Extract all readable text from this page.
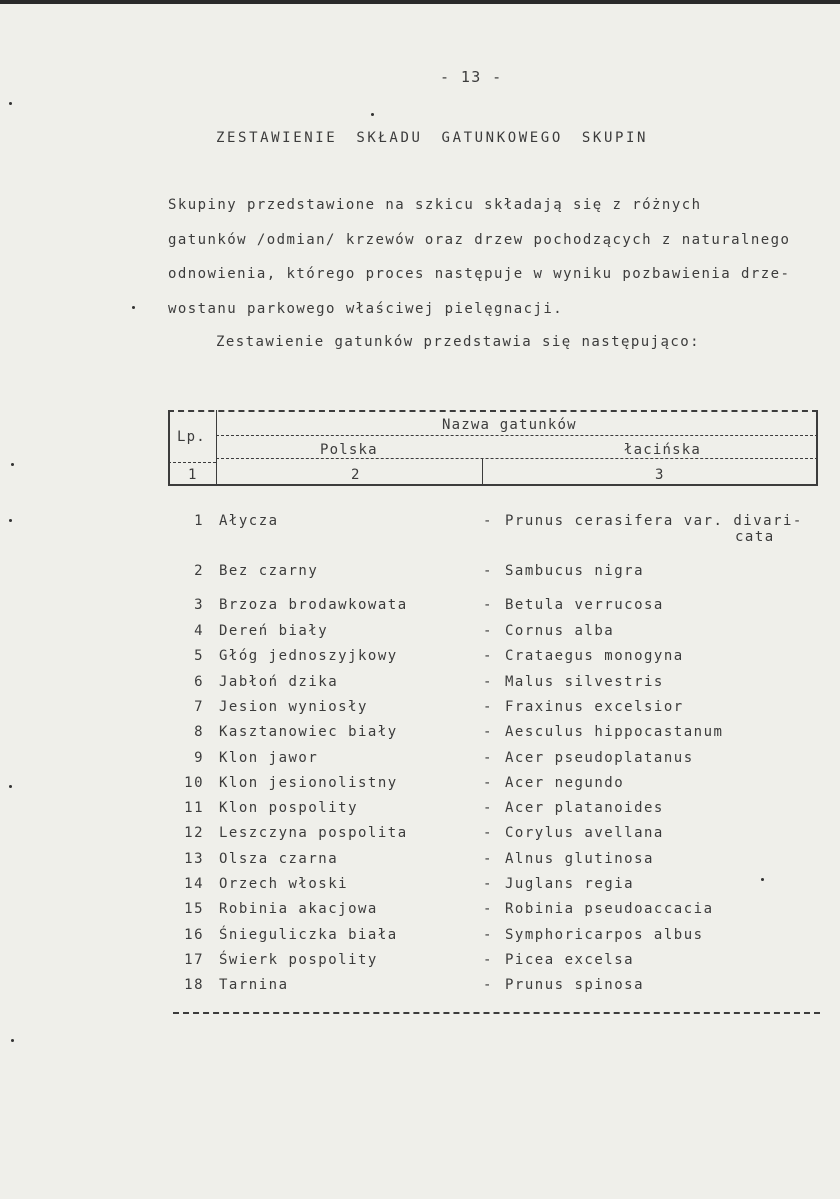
- 13 -
ZESTAWIENIE SKŁADU GATUNKOWEGO SKUPIN
Skupiny przedstawione na szkicu składają się z różnych
gatunków /odmian/ krzewów oraz drzew pochodzących z naturalnego
odnowienia, którego proces następuje w wyniku pozbawienia drze-
wostanu parkowego właściwej pielęgnacji.
Zestawienie gatunków przedstawia się następująco:
Lp.
Nazwa gatunków
Polska	łacińska
1	2	3
1 Ałycza	- Prunus cerasifera var. divari-
cata
2 Bez czarny	- Sambucus nigra
3 Brzoza brodawkowata	- Betula verrucosa
4 Dereń biały	- Cornus alba
5 Głóg jednoszyjkowy	- Crataegus monogyna
6 Jabłoń dzika	- Malus silvestris
7 Jesion wyniosły	- Fraxinus excelsior
8 Kasztanowiec biały	- Aesculus hippocastanum
9 Klon jawor	- Acer pseudoplatanus
10 Klon jesionolistny	- Acer negundo
11 Klon pospolity	- Acer platanoides
12 Leszczyna pospolita	- Corylus avellana
13 Olsza czarna	- Alnus glutinosa
14 Orzech włoski	- Juglans regia
15 Robinia akacjowa	- Robinia pseudoaccacia
16 Śnieguliczka biała	- Symphoricarpos albus
17 Świerk pospolity	- Picea excelsa
18 Tarnina	- Prunus spinosa
